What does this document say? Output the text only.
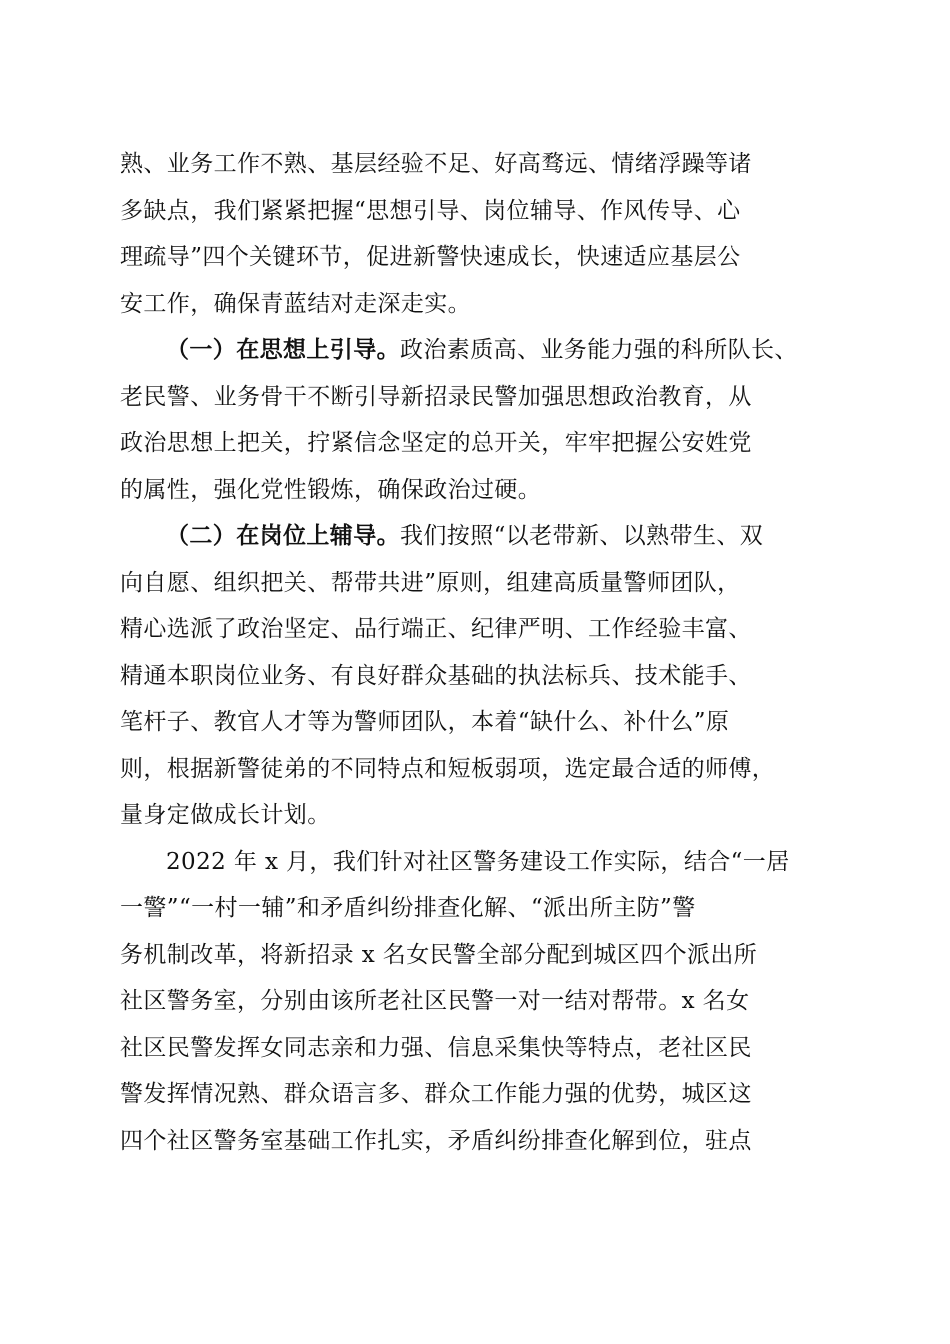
熟、业务工作不熟、基层经验不足、好高骛远、情绪浮躁等诸
多缺点，我们紧紧把握“思想引导、岗位辅导、作风传导、心
理疏导”四个关键环节，促进新警快速成长，快速适应基层公
安工作，确保青蓝结对走深走实。
（一）在思想上引导。政治素质高、业务能力强的科所队长、
老民警、业务骨干不断引导新招录民警加强思想政治教育，从
政治思想上把关，拧紧信念坚定的总开关，牢牢把握公安姓党
的属性，强化党性锻炼，确保政治过硬。
（二）在岗位上辅导。我们按照“以老带新、以熟带生、双
向自愿、组织把关、帮带共进”原则，组建高质量警师团队，
精心选派了政治坚定、品行端正、纪律严明、工作经验丰富、
精通本职岗位业务、有良好群众基础的执法标兵、技术能手、
笔杆子、教官人才等为警师团队，本着“缺什么、补什么”原
则，根据新警徒弟的不同特点和短板弱项，选定最合适的师傅，
量身定做成长计划。
2022 年 x 月，我们针对社区警务建设工作实际，结合“一居
一警”“一村一辅”和矛盾纠纷排查化解、“派出所主防”警
务机制改革，将新招录 x 名女民警全部分配到城区四个派出所
社区警务室，分别由该所老社区民警一对一结对帮带。x 名女
社区民警发挥女同志亲和力强、信息采集快等特点，老社区民
警发挥情况熟、群众语言多、群众工作能力强的优势，城区这
四个社区警务室基础工作扎实，矛盾纠纷排查化解到位，驻点
